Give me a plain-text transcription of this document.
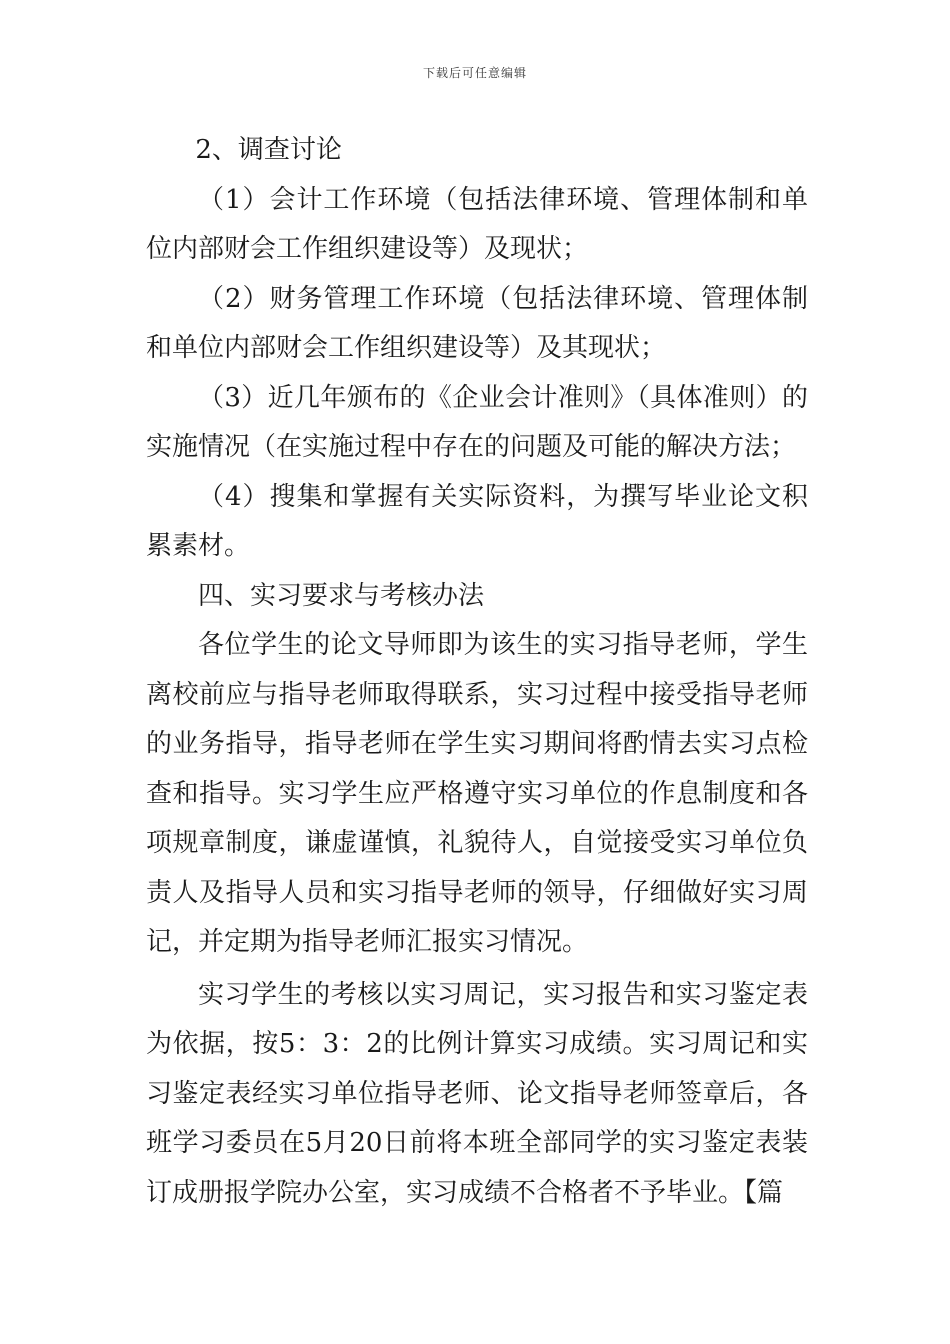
下载后可任意编辑

2、调查讨论

（1）会计工作环境（包括法律环境、管理体制和单位内部财会工作组织建设等）及现状；

（2）财务管理工作环境（包括法律环境、管理体制和单位内部财会工作组织建设等）及其现状；

（3）近几年颁布的《企业会计准则》（具体准则）的实施情况（在实施过程中存在的问题及可能的解决方法；

（4）搜集和掌握有关实际资料，为撰写毕业论文积累素材。

四、实习要求与考核办法

各位学生的论文导师即为该生的实习指导老师，学生离校前应与指导老师取得联系，实习过程中接受指导老师的业务指导，指导老师在学生实习期间将酌情去实习点检查和指导。实习学生应严格遵守实习单位的作息制度和各项规章制度，谦虚谨慎，礼貌待人，自觉接受实习单位负责人及指导人员和实习指导老师的领导，仔细做好实习周记，并定期为指导老师汇报实习情况。

实习学生的考核以实习周记，实习报告和实习鉴定表为依据，按5：3：2的比例计算实习成绩。实习周记和实习鉴定表经实习单位指导老师、论文指导老师签章后，各班学习委员在5月20日前将本班全部同学的实习鉴定表装订成册报学院办公室，实习成绩不合格者不予毕业。【篇
